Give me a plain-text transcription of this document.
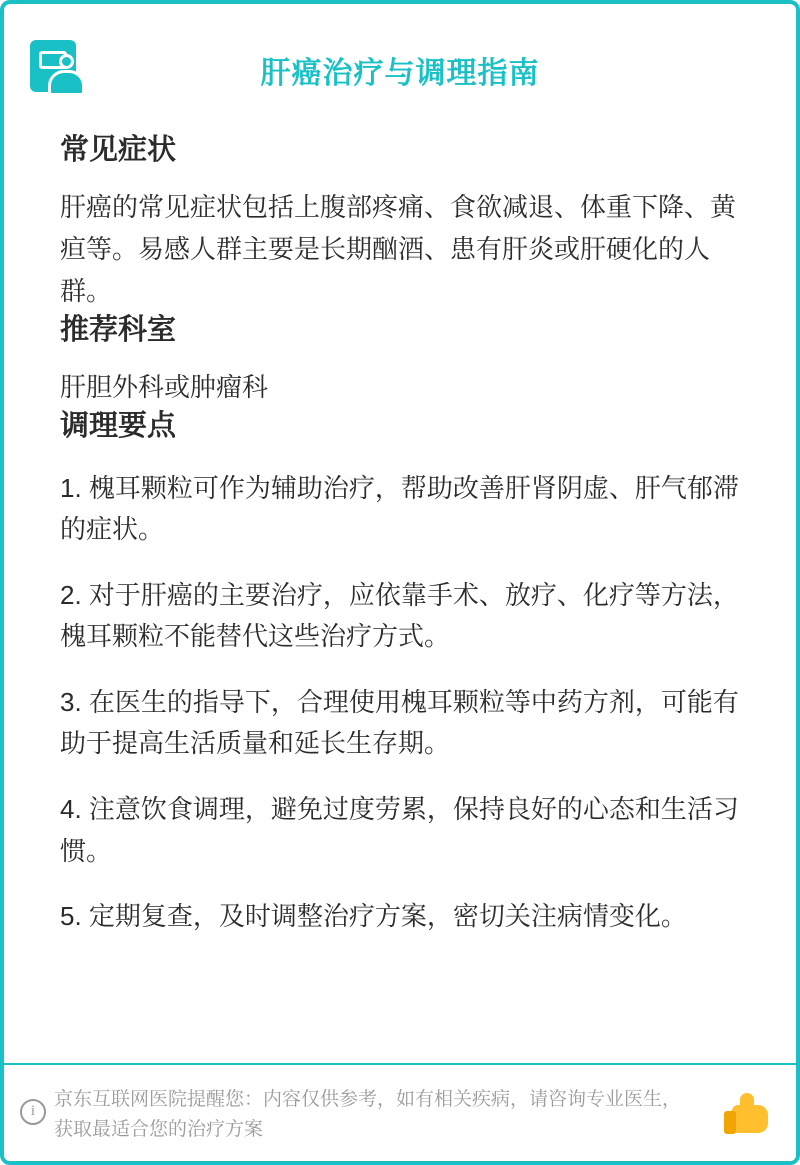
肝癌治疗与调理指南
常见症状

肝癌的常见症状包括上腹部疼痛、食欲减退、体重下降、黄疸等。易感人群主要是长期酗酒、患有肝炎或肝硬化的人群。

推荐科室

肝胆外科或肿瘤科

调理要点

1. 槐耳颗粒可作为辅助治疗，帮助改善肝肾阴虚、肝气郁滞的症状。

2. 对于肝癌的主要治疗，应依靠手术、放疗、化疗等方法，槐耳颗粒不能替代这些治疗方式。

3. 在医生的指导下，合理使用槐耳颗粒等中药方剂，可能有助于提高生活质量和延长生存期。

4. 注意饮食调理，避免过度劳累，保持良好的心态和生活习惯。

5. 定期复查，及时调整治疗方案，密切关注病情变化。

i
京东互联网医院提醒您：内容仅供参考，如有相关疾病，请咨询专业医生，获取最适合您的治疗方案
